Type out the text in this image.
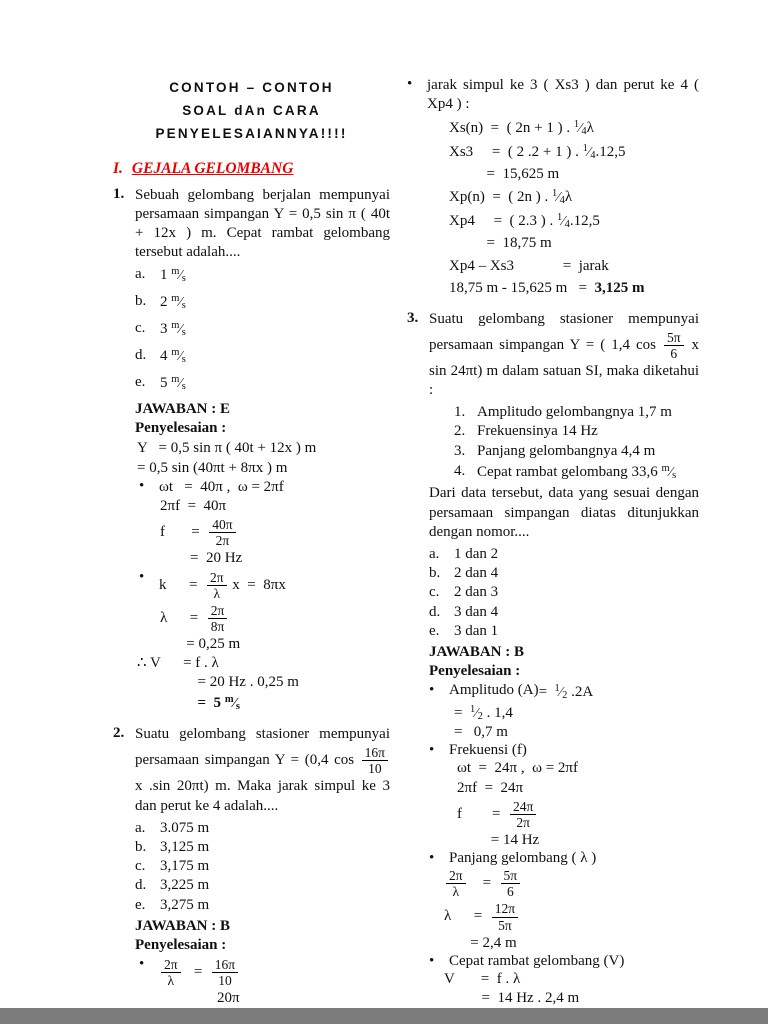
CONTOH – CONTOH
SOAL dAn CARA
PENYELESAIANNYA!!!!
I. GEJALA GELOMBANG
1. Sebuah gelombang berjalan mempunyai persamaan simpangan Y = 0,5 sin π ( 40t + 12x ) m. Cepat rambat gelombang tersebut adalah....
a. 1 $^m$⁄s
b. 2 $^m$⁄s
c. 3 $^m$⁄s
d. 4 $^m$⁄s
e. 5 $^m$⁄s
JAWABAN : E
Penyelesaian :
Y   = 0,5 sin π ( 40t + 12x ) m
= 0,5 sin (40πt + 8πx ) m
•
ωt   =  40π ,  ω = 2πf
2πf  =  40π
f       = $\frac{40\pi}{2\pi}$
=  20 Hz
•
k      = $\frac{2\pi}{\lambda}$ x  =  8πx
λ      = $\frac{2\pi}{8\pi}$
= 0,25 m
∴ V      = f . λ
= 20 Hz . 0,25 m
=  5 $^m$⁄s
2. Suatu gelombang stasioner mempunyai persamaan simpangan Y = (0,4 $\cos \frac{16\pi}{10}$
x .sin 20πt) m. Maka jarak simpul ke 3 dan perut ke 4 adalah....
a. 3.075 m
b. 3,125 m
c. 3,175 m
d. 3,225 m
e. 3,275 m
JAWABAN : B
Penyelesaian :
•
$\frac{2\pi}{\lambda} = \frac{16\pi}{10}$
20π
•
jarak simpul ke 3 ( Xs3 ) dan perut ke 4 ( Xp4 ) :
Xs(n)  =  ( 2n + 1 ) . $^1$⁄4λ
Xs3     =  ( 2 .2 + 1 ) . $^1$⁄4.12,5
=  15,625 m
Xp(n)  =  ( 2n ) . $^1$⁄4λ
Xp4     =  ( 2.3 ) . $^1$⁄4.12,5
=  18,75 m
Xp4 – Xs3             =  jarak
18,75 m - 15,625 m   =  3,125 m
3. Suatu gelombang stasioner mempunyai persamaan simpangan Y = ( 1,4 $\cos \frac{5\pi}{6}$ x sin 24πt) m dalam satuan SI, maka diketahui :
1. Amplitudo gelombangnya 1,7 m
2. Frekuensinya 14 Hz
3. Panjang gelombangnya 4,4 m
4. Cepat rambat gelombang 33,6 $^m$⁄s
Dari data tersebut, data yang sesuai dengan persamaan simpangan diatas ditunjukkan dengan nomor....
a. 1 dan 2
b. 2 dan 4
c. 2 dan 3
d. 3 dan 4
e. 3 dan 1
JAWABAN : B
Penyelesaian :
•
Amplitudo (A) =  $^1$⁄2 .2A
=  $^1$⁄2 . 1,4
=   0,7 m
•
Frekuensi (f)
ωt  =  24π ,  ω = 2πf
2πf  =  24π
f        = $\frac{24\pi}{2\pi}$
= 14 Hz
•
Panjang gelombang ( λ )
$\frac{2\pi}{\lambda} = \frac{5\pi}{6}$
λ      = $\frac{12\pi}{5\pi}$
= 2,4 m
•
Cepat rambat gelombang (V)
V       =  f . λ
=  14 Hz . 2,4 m
